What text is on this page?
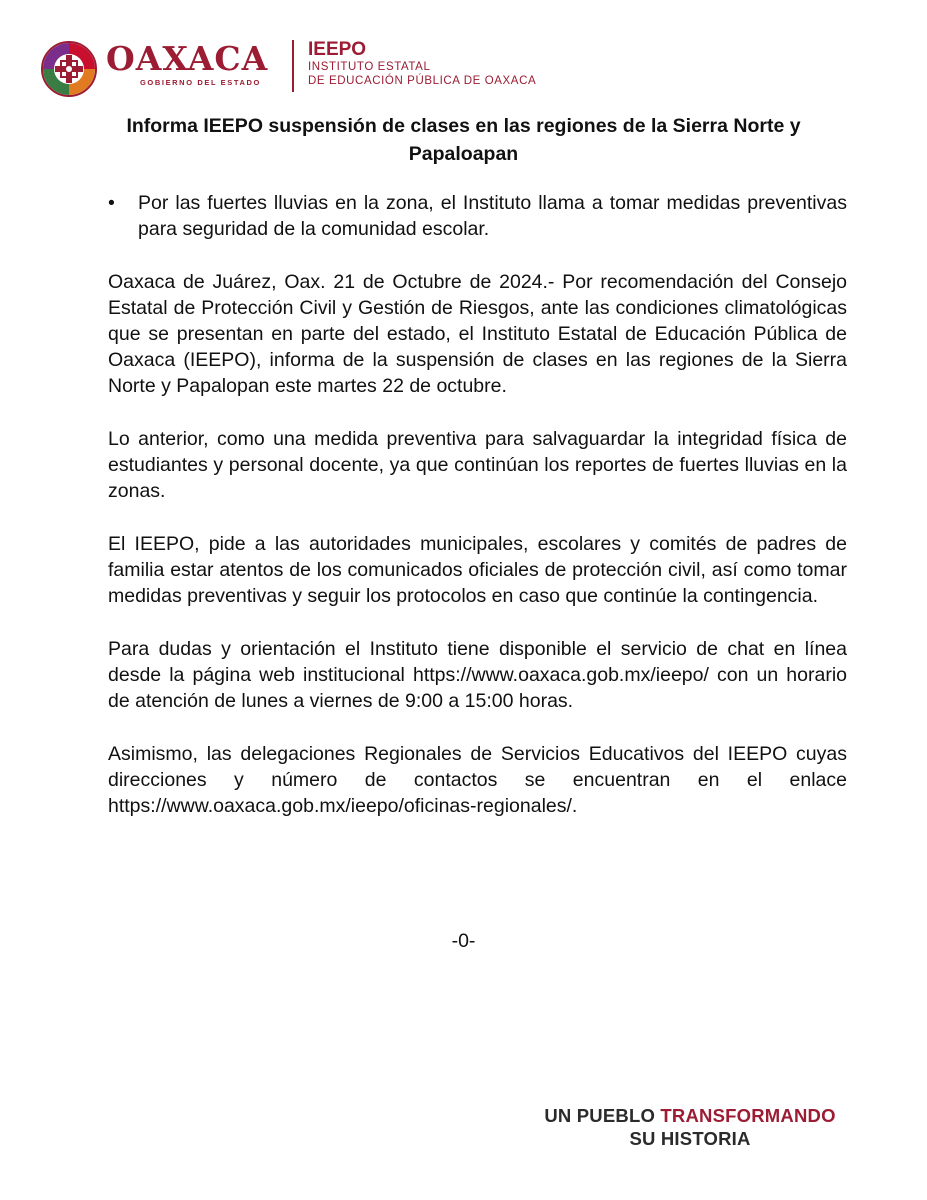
OAXACA
GOBIERNO DEL ESTADO
IEEPO
INSTITUTO ESTATAL
DE EDUCACIÓN PÚBLICA DE OAXACA
Informa IEEPO suspensión de clases en las regiones de la Sierra Norte y Papaloapan
•	Por las fuertes lluvias en la zona, el Instituto llama a tomar medidas preventivas para seguridad de la comunidad escolar.

Oaxaca de Juárez, Oax. 21 de Octubre de 2024.- Por recomendación del Consejo Estatal de Protección Civil y Gestión de Riesgos, ante las condiciones climatológicas que se presentan en parte del estado, el Instituto Estatal de Educación Pública de Oaxaca (IEEPO), informa de la suspensión de clases en las regiones de la Sierra Norte y Papalopan este martes 22 de octubre.

Lo anterior, como una medida preventiva para salvaguardar la integridad física de estudiantes y personal docente, ya que continúan los reportes de fuertes lluvias en la zonas.

El IEEPO, pide a las autoridades municipales, escolares y comités de padres de familia estar atentos de los comunicados oficiales de protección civil, así como tomar medidas preventivas y seguir los protocolos en caso que continúe la contingencia.

Para dudas y orientación el Instituto tiene disponible el servicio de chat en línea desde la página web institucional https://www.oaxaca.gob.mx/ieepo/ con un horario de atención de lunes a viernes de 9:00 a 15:00 horas.

Asimismo, las delegaciones Regionales de Servicios Educativos del IEEPO cuyas direcciones y número de contactos se encuentran en el enlace https://www.oaxaca.gob.mx/ieepo/oficinas-regionales/.

-0-
UN PUEBLO TRANSFORMANDO
SU HISTORIA
